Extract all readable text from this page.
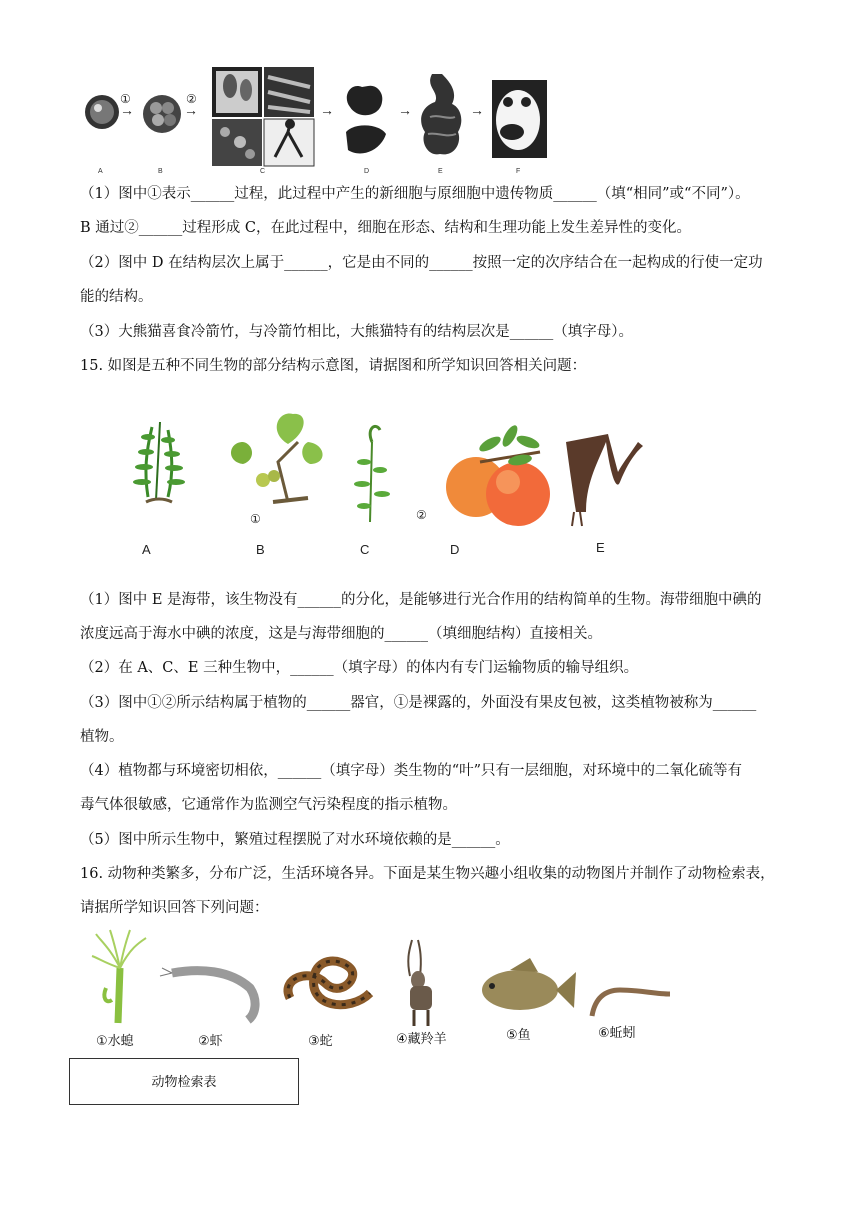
→
①
→
②
→	→	→
A	B	C	D	E	F
（1）图中①表示______过程，此过程中产生的新细胞与原细胞中遗传物质______（填“相同”或“不同”）。
B 通过②______过程形成 C，在此过程中，细胞在形态、结构和生理功能上发生差异性的变化。
（2）图中 D 在结构层次上属于______，它是由不同的______按照一定的次序结合在一起构成的行使一定功
能的结构。
（3）大熊猫喜食冷箭竹，与冷箭竹相比，大熊猫特有的结构层次是______（填字母）。
15. 如图是五种不同生物的部分结构示意图，请据图和所学知识回答相关问题：
①	②
A	B	C	D	E
（1）图中 E 是海带，该生物没有______的分化，是能够进行光合作用的结构简单的生物。海带细胞中碘的
浓度远高于海水中碘的浓度，这是与海带细胞的______（填细胞结构）直接相关。
（2）在 A、C、E 三种生物中，______（填字母）的体内有专门运输物质的输导组织。
（3）图中①②所示结构属于植物的______器官，①是裸露的，外面没有果皮包被，这类植物被称为______
植物。
（4）植物都与环境密切相依，______（填字母）类生物的“叶”只有一层细胞，对环境中的二氧化硫等有
毒气体很敏感，它通常作为监测空气污染程度的指示植物。
（5）图中所示生物中，繁殖过程摆脱了对水环境依赖的是______。
16. 动物种类繁多，分布广泛，生活环境各异。下面是某生物兴趣小组收集的动物图片并制作了动物检索表，
请据所学知识回答下列问题：
①水螅	②虾	③蛇	④藏羚羊	⑤鱼	⑥蚯蚓
动物检索表
